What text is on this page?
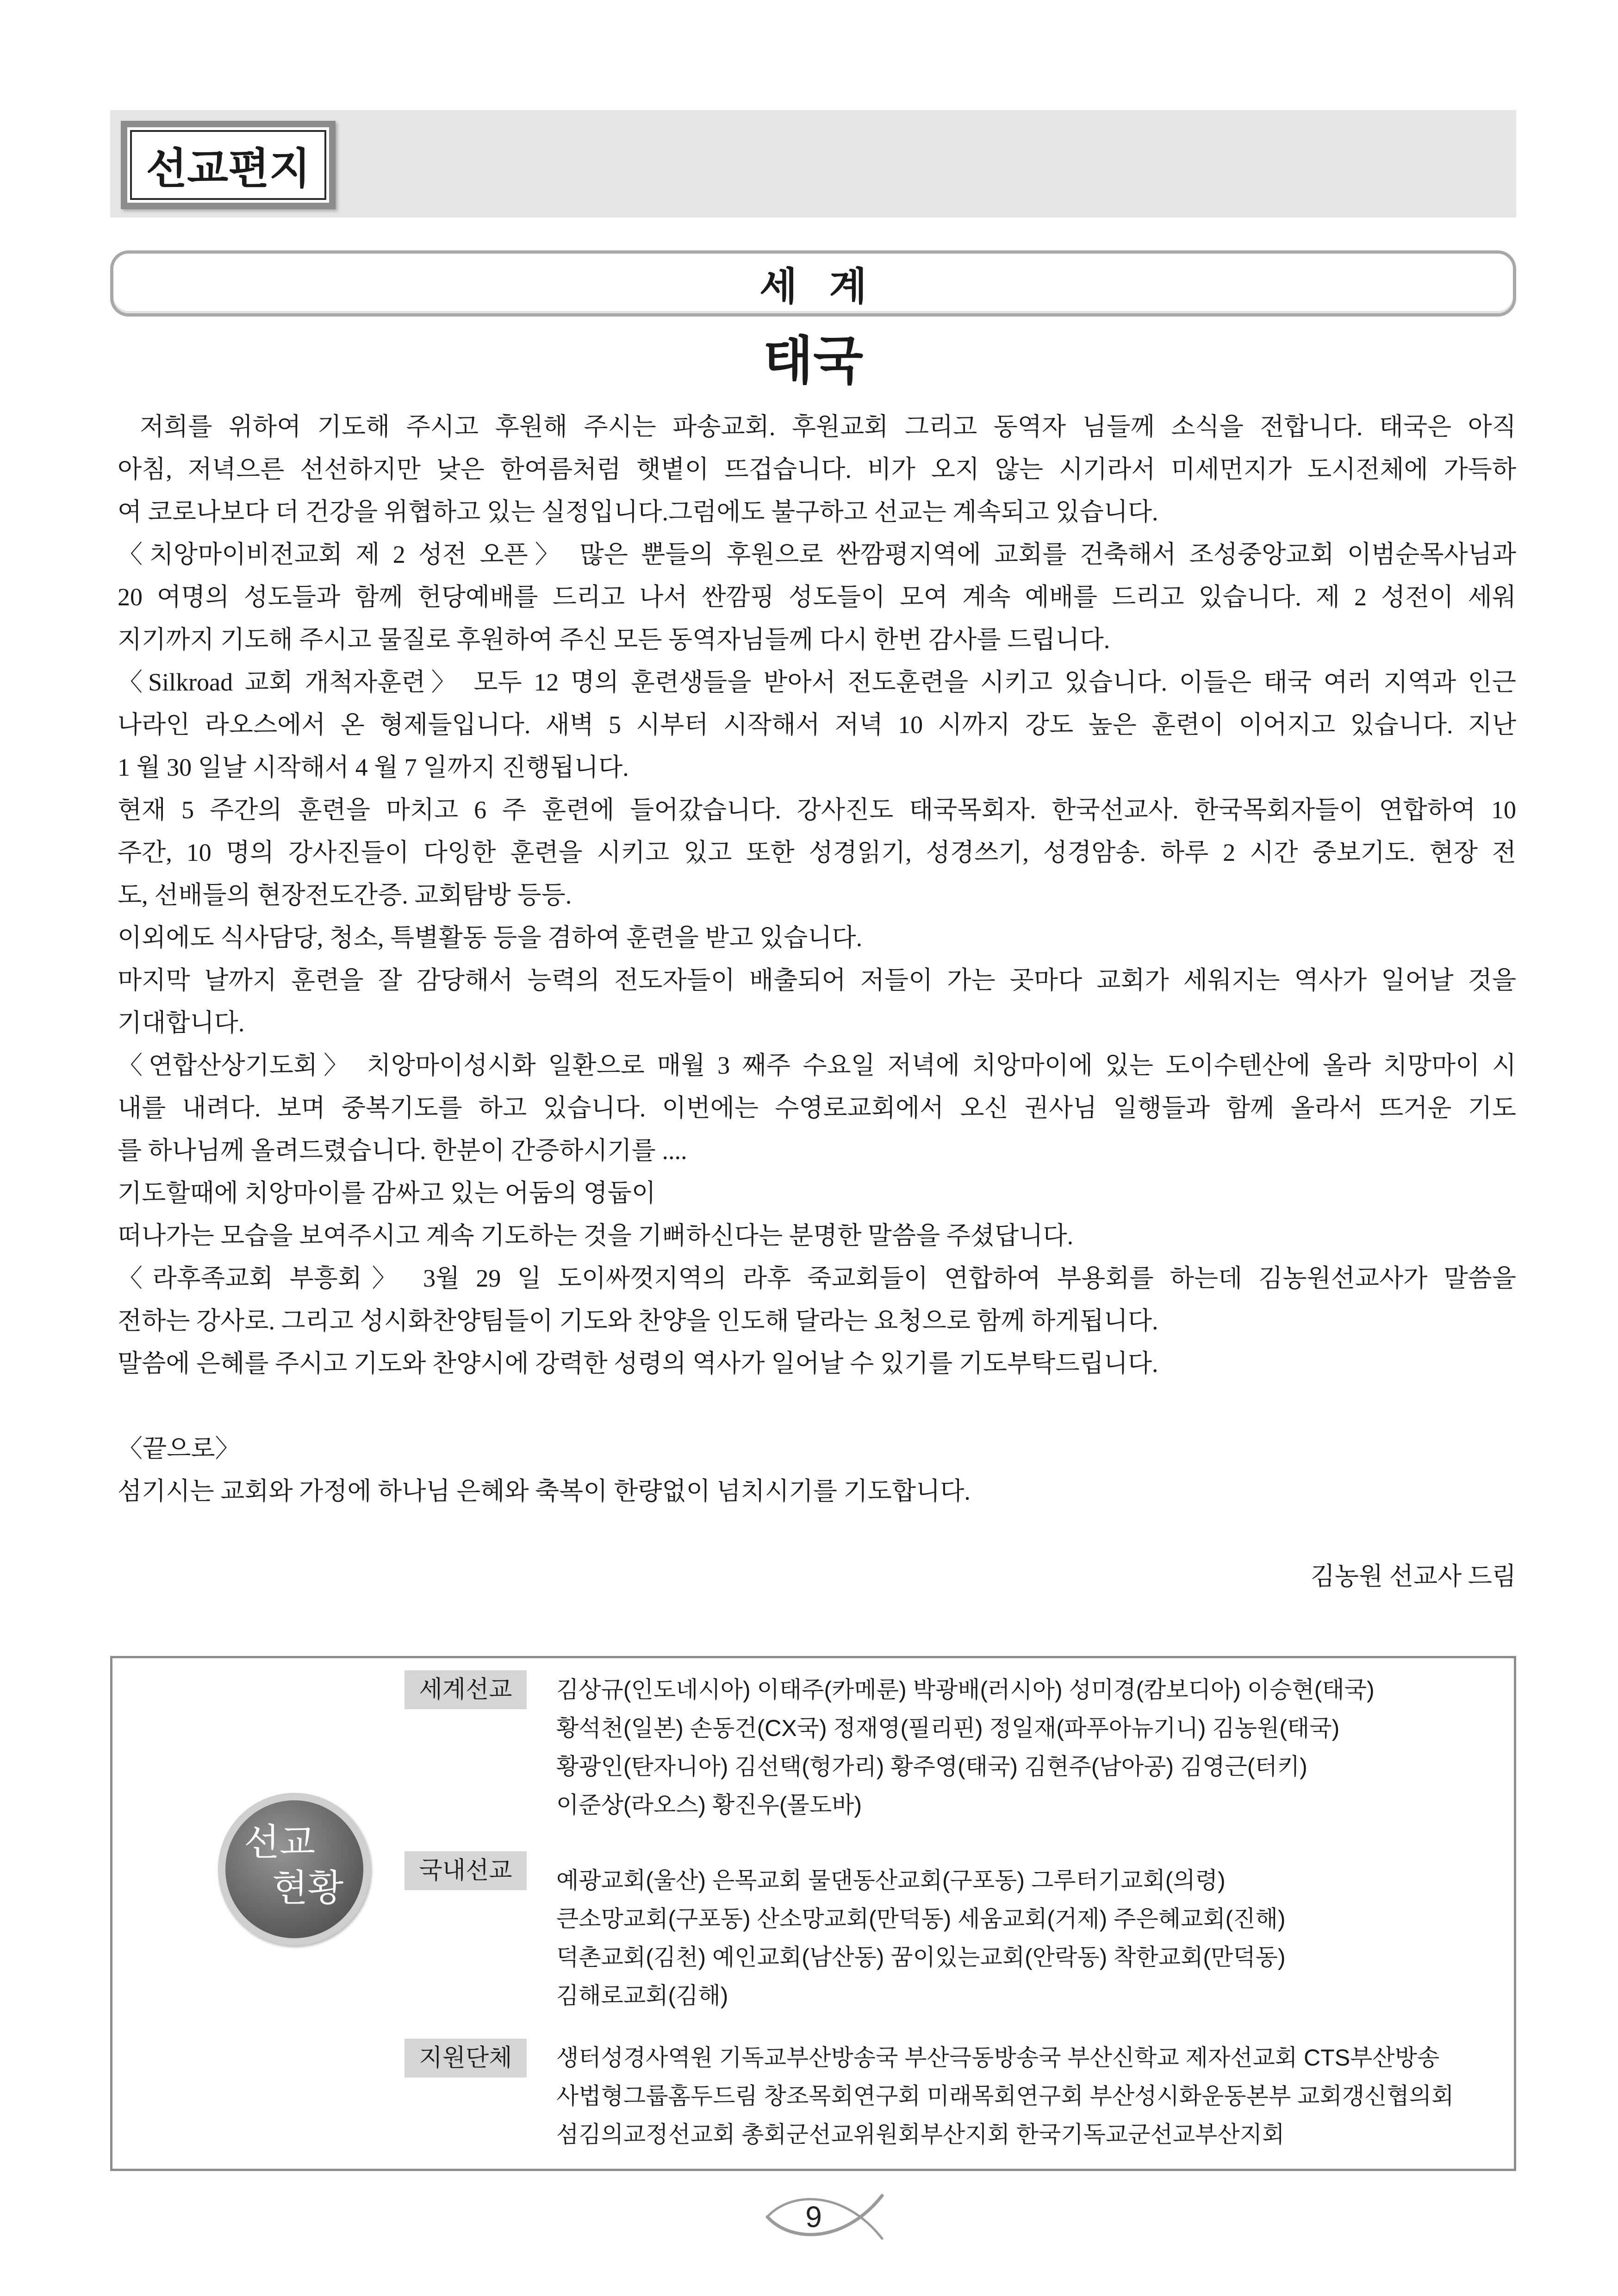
선교편지
세 계
태국
저희를 위하여 기도해 주시고 후원해 주시는 파송교회. 후원교회 그리고 동역자 님들께 소식을 전합니다. 태국은 아직
아침, 저녁으른 선선하지만 낮은 한여름처럼 햇볕이 뜨겁습니다. 비가 오지 않는 시기라서 미세먼지가 도시전체에 가득하
여 코로나보다 더 건강을 위협하고 있는 실정입니다.그럼에도 불구하고 선교는 계속되고 있습니다.
〈치앙마이비전교회 제 2 성전 오픈〉 많은 뿐들의 후원으로 싼깜평지역에 교회를 건축해서 조성중앙교회 이범순목사님과
20 여명의 성도들과 함께 헌당예배를 드리고 나서 싼깜핑 성도들이 모여 계속 예배를 드리고 있습니다. 제 2 성전이 세워
지기까지 기도해 주시고 물질로 후원하여 주신 모든 동역자님들께 다시 한번 감사를 드립니다.
〈Silkroad 교회 개척자훈련〉 모두 12 명의 훈련생들을 받아서 전도훈련을 시키고 있습니다. 이들은 태국 여러 지역과 인근
나라인 라오스에서 온 형제들입니다. 새벽 5 시부터 시작해서 저녁 10 시까지 강도 높은 훈련이 이어지고 있습니다. 지난
1 월 30 일날 시작해서 4 월 7 일까지 진행됩니다.
현재 5 주간의 훈련을 마치고 6 주 훈련에 들어갔습니다. 강사진도 태국목회자. 한국선교사. 한국목회자들이 연합하여 10
주간, 10 명의 강사진들이 다잉한 훈련을 시키고 있고 또한 성경읽기, 성경쓰기, 성경암송. 하루 2 시간 중보기도. 현장 전
도, 선배들의 현장전도간증. 교회탐방 등등.
이외에도 식사담당, 청소, 특별활동 등을 겸하여 훈련을 받고 있습니다.
마지막 날까지 훈련을 잘 감당해서 능력의 전도자들이 배출되어 저들이 가는 곳마다 교회가 세워지는 역사가 일어날 것을
기대합니다.
〈연합산상기도회〉 치앙마이성시화 일환으로 매월 3 째주 수요일 저녁에 치앙마이에 있는 도이수텐산에 올라 치망마이 시
내를 내려다. 보며 중복기도를 하고 있습니다. 이번에는 수영로교회에서 오신 권사님 일행들과 함께 올라서 뜨거운 기도
를 하나님께 올려드렸습니다. 한분이 간증하시기를 ....
기도할때에 치앙마이를 감싸고 있는 어둠의 영둡이
떠나가는 모습을 보여주시고 계속 기도하는 것을 기뻐하신다는 분명한 말씀을 주셨답니다.
〈라후족교회 부흥회〉 3월 29 일 도이싸껏지역의 라후 죽교회들이 연합하여 부용회를 하는데 김농원선교사가 말씀을
전하는 강사로. 그리고 성시화찬양팀들이 기도와 찬양을 인도해 달라는 요청으로 함께 하게됩니다.
말씀에 은혜를 주시고 기도와 찬양시에 강력한 성령의 역사가 일어날 수 있기를 기도부탁드립니다.
〈끝으로〉
섬기시는 교회와 가정에 하나님 은혜와 축복이 한량없이 넘치시기를 기도합니다.
김농원 선교사 드림
선교
현황
세계선교	김상규(인도네시아) 이태주(카메룬) 박광배(러시아) 성미경(캄보디아) 이승현(태국)
황석천(일본) 손동건(CX국) 정재영(필리핀) 정일재(파푸아뉴기니) 김농원(태국)
황광인(탄자니아) 김선택(헝가리) 황주영(태국) 김현주(남아공) 김영근(터키)
이준상(라오스) 황진우(몰도바)
국내선교	예광교회(울산) 은목교회 물댄동산교회(구포동) 그루터기교회(의령)
큰소망교회(구포동) 산소망교회(만덕동) 세움교회(거제) 주은혜교회(진해)
덕촌교회(김천) 예인교회(남산동) 꿈이있는교회(안락동) 착한교회(만덕동)
김해로교회(김해)
지원단체	생터성경사역원 기독교부산방송국 부산극동방송국 부산신학교 제자선교회 CTS부산방송
사법형그룹홈두드림 창조목회연구회 미래목회연구회 부산성시화운동본부 교회갱신협의회
섬김의교정선교회 총회군선교위원회부산지회 한국기독교군선교부산지회
9
